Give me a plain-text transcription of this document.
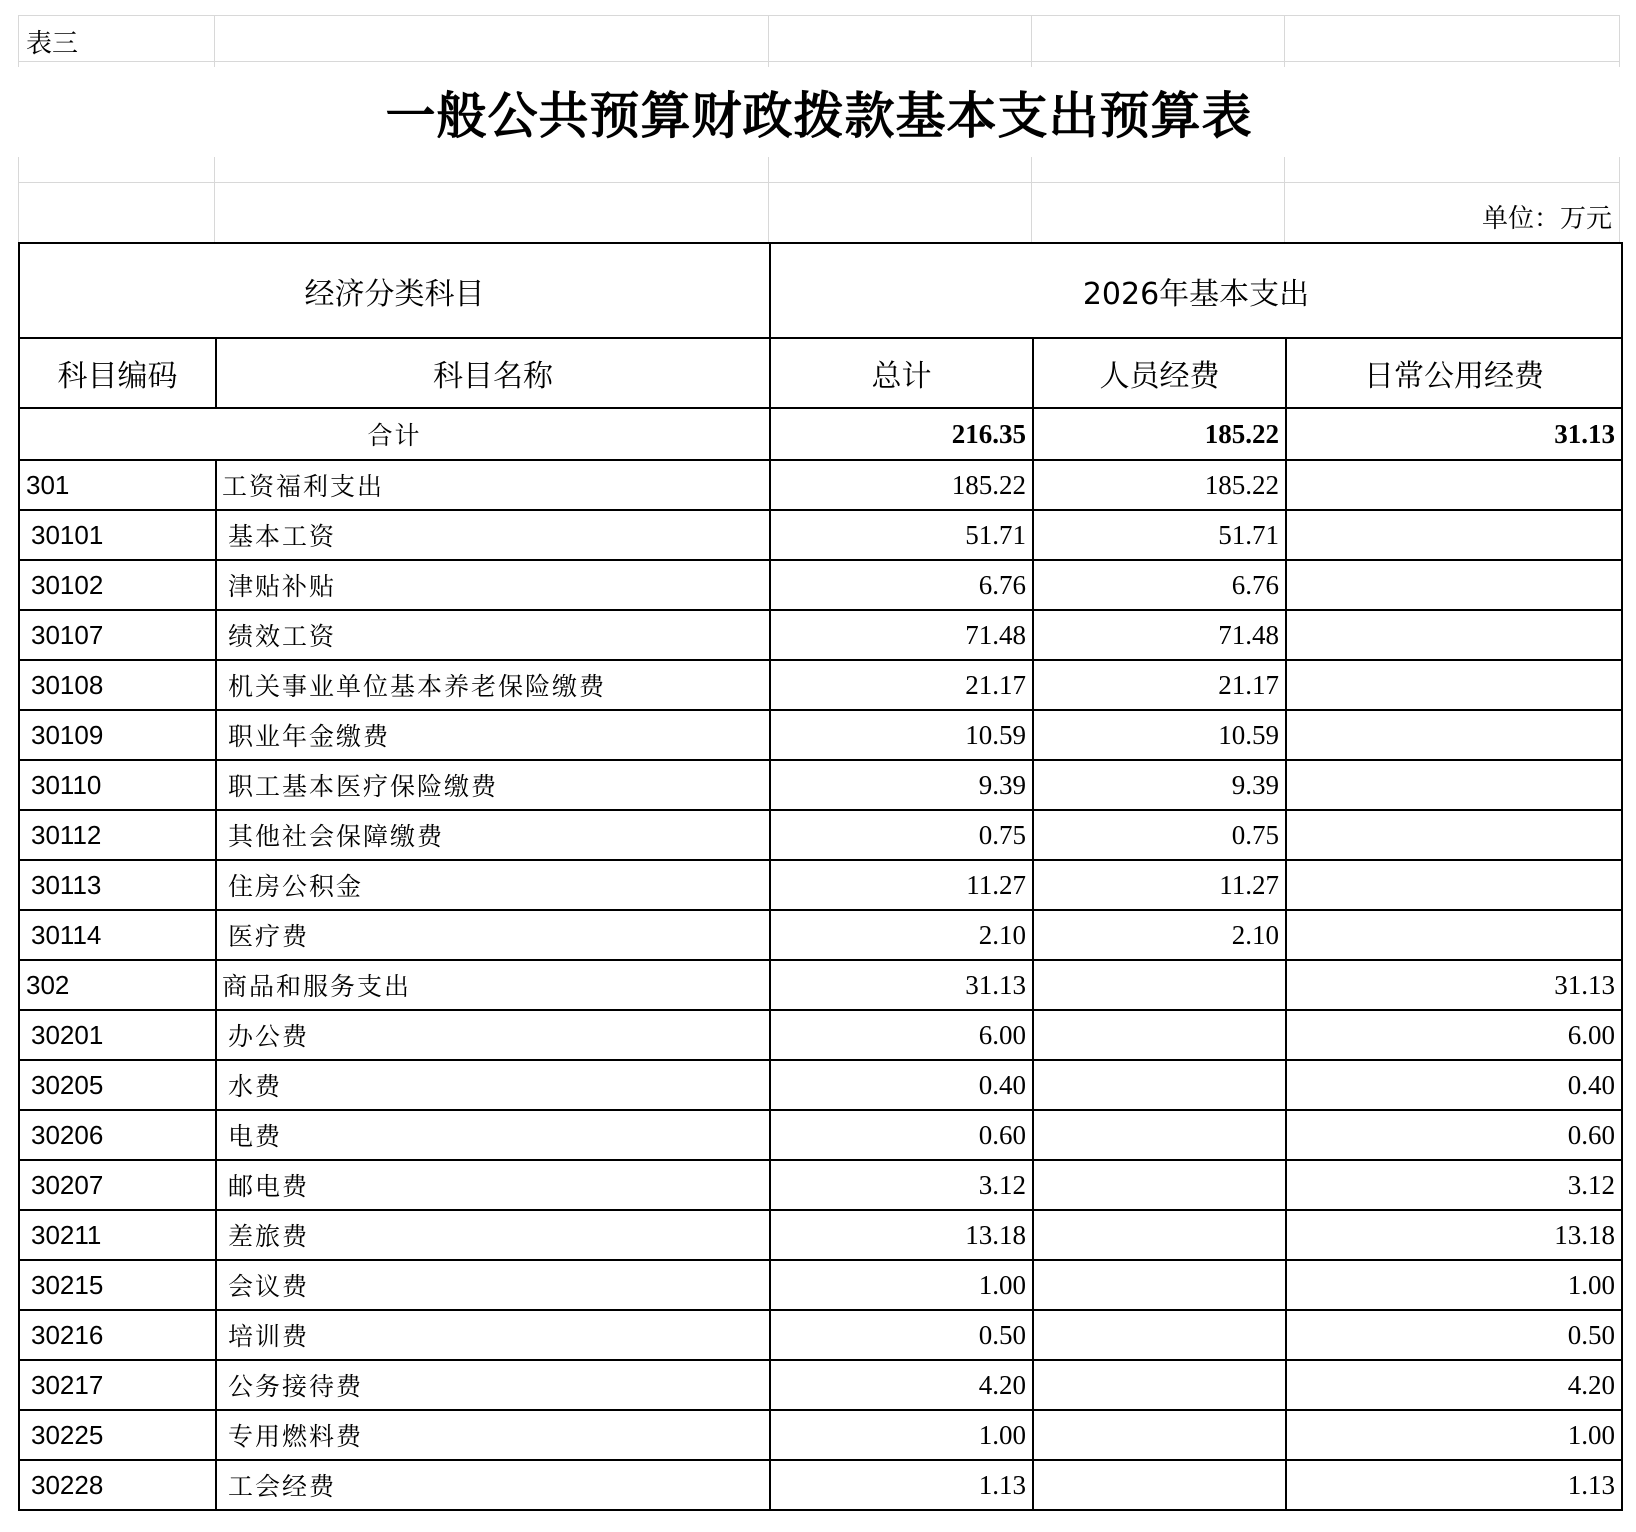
表三
一般公共预算财政拨款基本支出预算表
单位：万元
经济分类科目		2026年基本支出		
科目编码	科目名称	总计	人员经费	日常公用经费
合计		216.35	185.22	31.13
301	工资福利支出	185.22	185.22	
30101	基本工资	51.71	51.71	
30102	津贴补贴	6.76	6.76	
30107	绩效工资	71.48	71.48	
30108	机关事业单位基本养老保险缴费	21.17	21.17	
30109	职业年金缴费	10.59	10.59	
30110	职工基本医疗保险缴费	9.39	9.39	
30112	其他社会保障缴费	0.75	0.75	
30113	住房公积金	11.27	11.27	
30114	医疗费	2.10	2.10	
302	商品和服务支出	31.13		31.13
30201	办公费	6.00		6.00
30205	水费	0.40		0.40
30206	电费	0.60		0.60
30207	邮电费	3.12		3.12
30211	差旅费	13.18		13.18
30215	会议费	1.00		1.00
30216	培训费	0.50		0.50
30217	公务接待费	4.20		4.20
30225	专用燃料费	1.00		1.00
30228	工会经费	1.13		1.13
